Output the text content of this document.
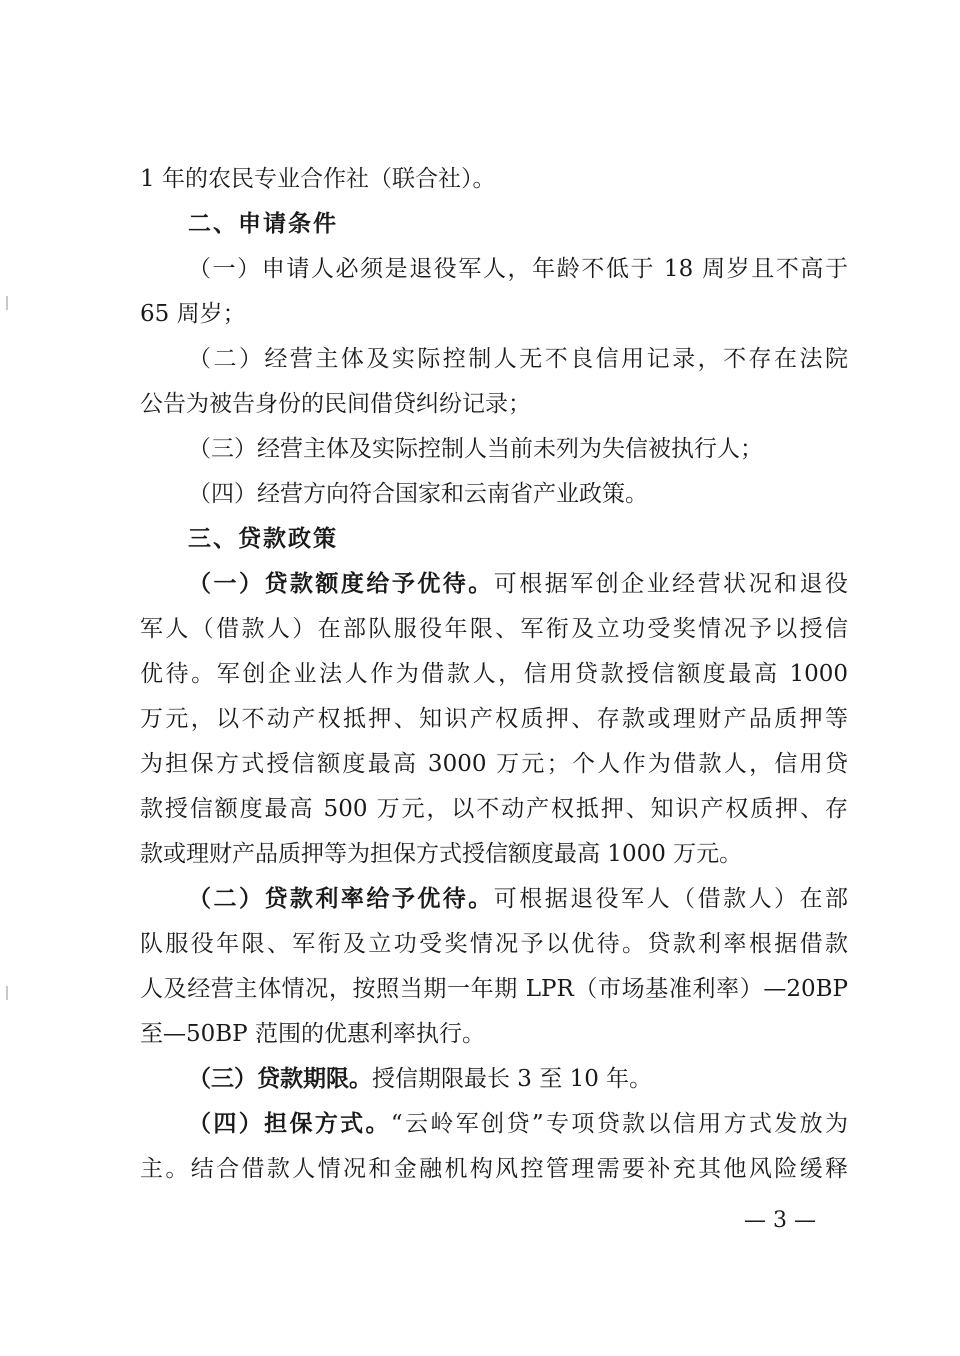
1 年的农民专业合作社（联合社）。
二、申请条件
（一）申请人必须是退役军人，年龄不低于 18 周岁且不高于
65 周岁；
（二）经营主体及实际控制人无不良信用记录，不存在法院
公告为被告身份的民间借贷纠纷记录；
（三）经营主体及实际控制人当前未列为失信被执行人；
（四）经营方向符合国家和云南省产业政策。
三、贷款政策
（一）贷款额度给予优待。可根据军创企业经营状况和退役
军人（借款人）在部队服役年限、军衔及立功受奖情况予以授信
优待。军创企业法人作为借款人，信用贷款授信额度最高 1000
万元，以不动产权抵押、知识产权质押、存款或理财产品质押等
为担保方式授信额度最高 3000 万元；个人作为借款人，信用贷
款授信额度最高 500 万元，以不动产权抵押、知识产权质押、存
款或理财产品质押等为担保方式授信额度最高 1000 万元。
（二）贷款利率给予优待。可根据退役军人（借款人）在部
队服役年限、军衔及立功受奖情况予以优待。贷款利率根据借款
人及经营主体情况，按照当期一年期 LPR（市场基准利率）—20BP
至—50BP 范围的优惠利率执行。
（三）贷款期限。授信期限最长 3 至 10 年。
（四）担保方式。“云岭军创贷”专项贷款以信用方式发放为
主。结合借款人情况和金融机构风控管理需要补充其他风险缓释
— 3 —
